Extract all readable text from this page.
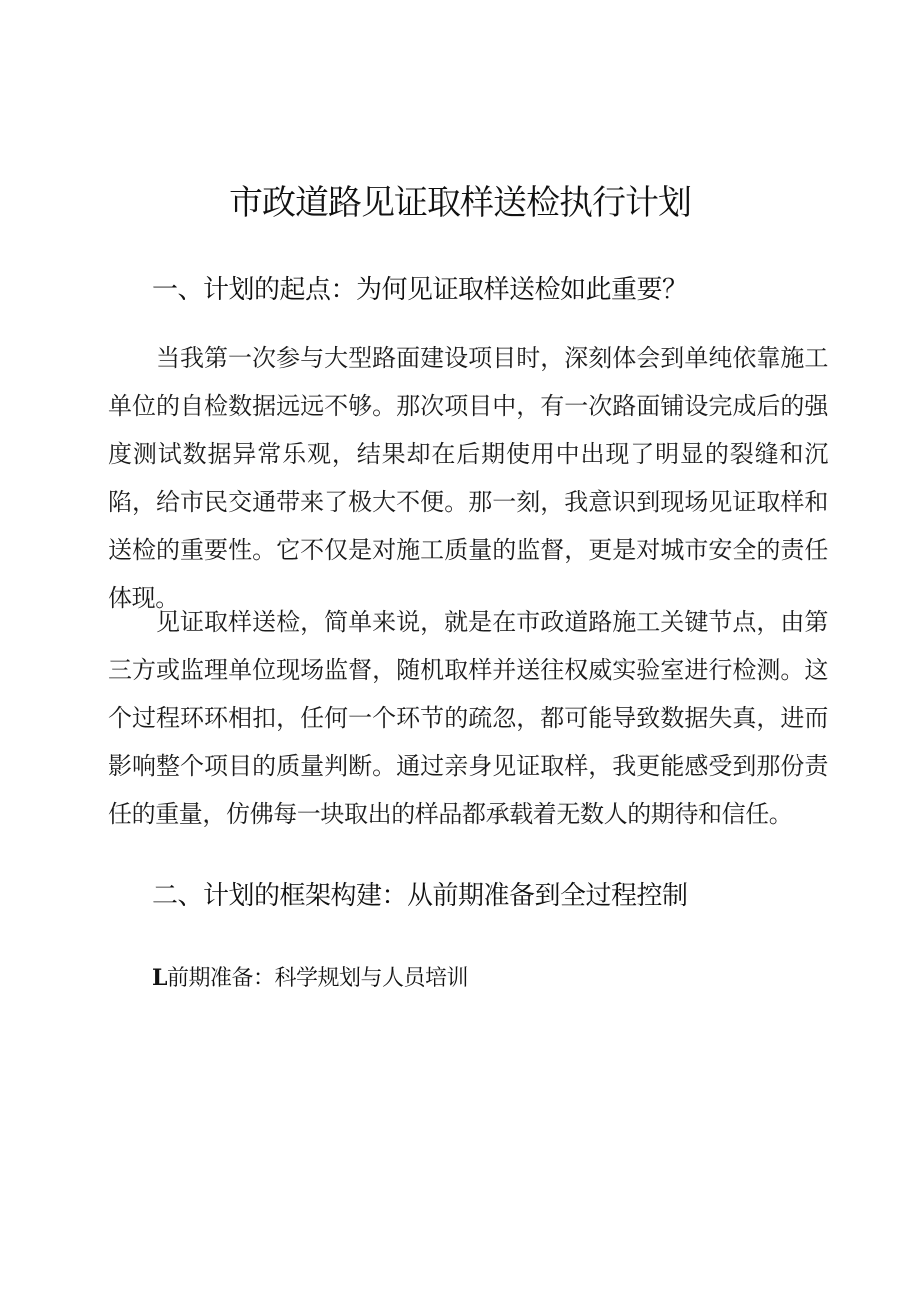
市政道路见证取样送检执行计划
一、计划的起点：为何见证取样送检如此重要？

当我第一次参与大型路面建设项目时，深刻体会到单纯依靠施工单位的自检数据远远不够。那次项目中，有一次路面铺设完成后的强度测试数据异常乐观，结果却在后期使用中出现了明显的裂缝和沉陷，给市民交通带来了极大不便。那一刻，我意识到现场见证取样和送检的重要性。它不仅是对施工质量的监督，更是对城市安全的责任体现。

见证取样送检，简单来说，就是在市政道路施工关键节点，由第三方或监理单位现场监督，随机取样并送往权威实验室进行检测。这个过程环环相扣，任何一个环节的疏忽，都可能导致数据失真，进而影响整个项目的质量判断。通过亲身见证取样，我更能感受到那份责任的重量，仿佛每一块取出的样品都承载着无数人的期待和信任。

二、计划的框架构建：从前期准备到全过程控制
L前期准备：科学规划与人员培训
